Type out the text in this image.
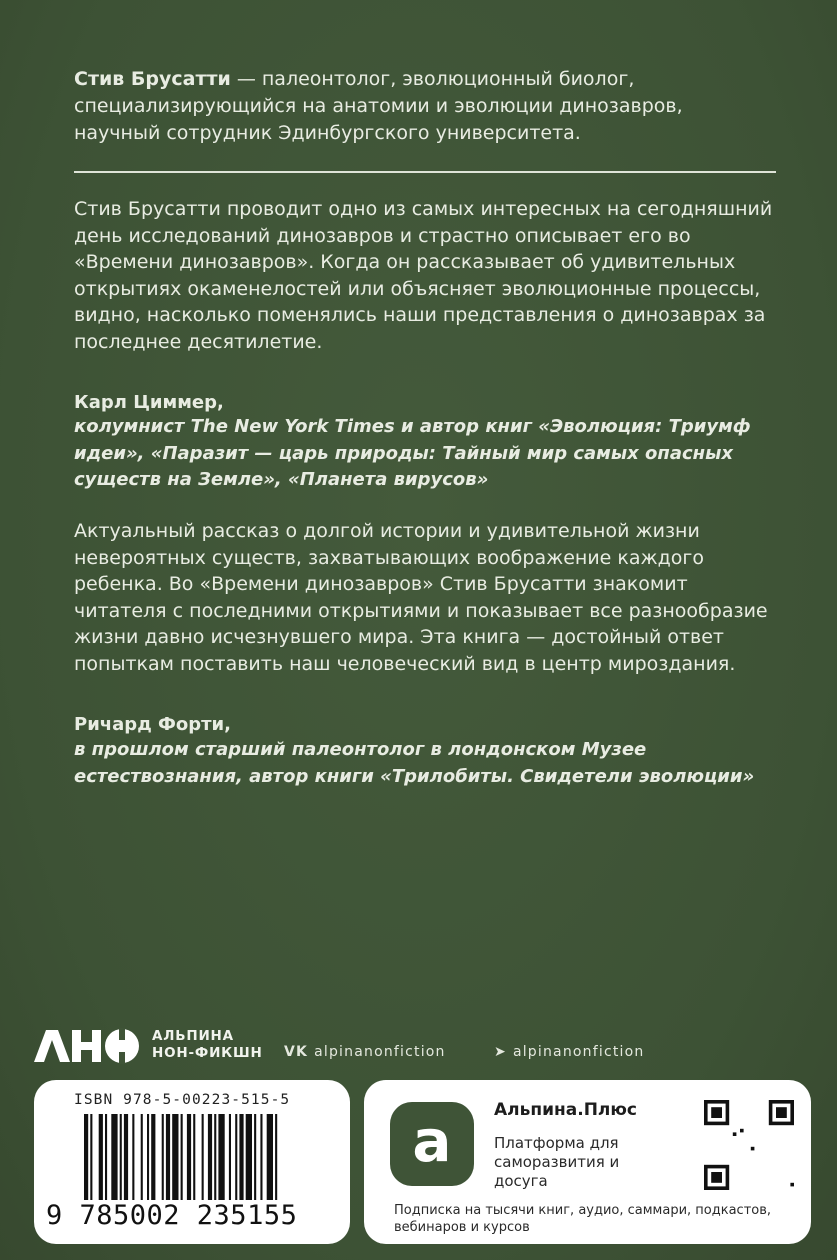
Стив Брусатти — палеонтолог, эволюционный биолог, специализирующийся на анатомии и эволюции динозавров, научный сотрудник Эдинбургского университета.
Стив Брусатти проводит одно из самых интересных на сегодняшний день исследований динозавров и страстно описывает его во «Времени динозавров». Когда он рассказывает об удивительных открытиях окаменелостей или объясняет эволюционные процессы, видно, насколько поменялись наши представления о динозаврах за последнее десятилетие.
Карл Циммер,
колумнист The New York Times и автор книг «Эволюция: Триумф идеи», «Паразит — царь природы: Тайный мир самых опасных существ на Земле», «Планета вирусов»
Актуальный рассказ о долгой истории и удивительной жизни невероятных существ, захватывающих воображение каждого ребенка. Во «Времени динозавров» Стив Брусатти знакомит читателя с последними открытиями и показывает все разнообразие жизни давно исчезнувшего мира. Эта книга — достойный ответ попыткам поставить наш человеческий вид в центр мироздания.
Ричард Форти,
в прошлом старший палеонтолог в лондонском Музее естествознания, автор книги «Трилобиты. Свидетели эволюции»
АЛЬПИНА
НОН-ФИКШН VK alpinanonfiction	➤ alpinanonfiction
ISBN 978-5-00223-515-5
9 785002 235155
a	Альпина.Плюс
Платформа для саморазвития и досуга
Подписка на тысячи книг, аудио, саммари, подкастов, вебинаров и курсов
